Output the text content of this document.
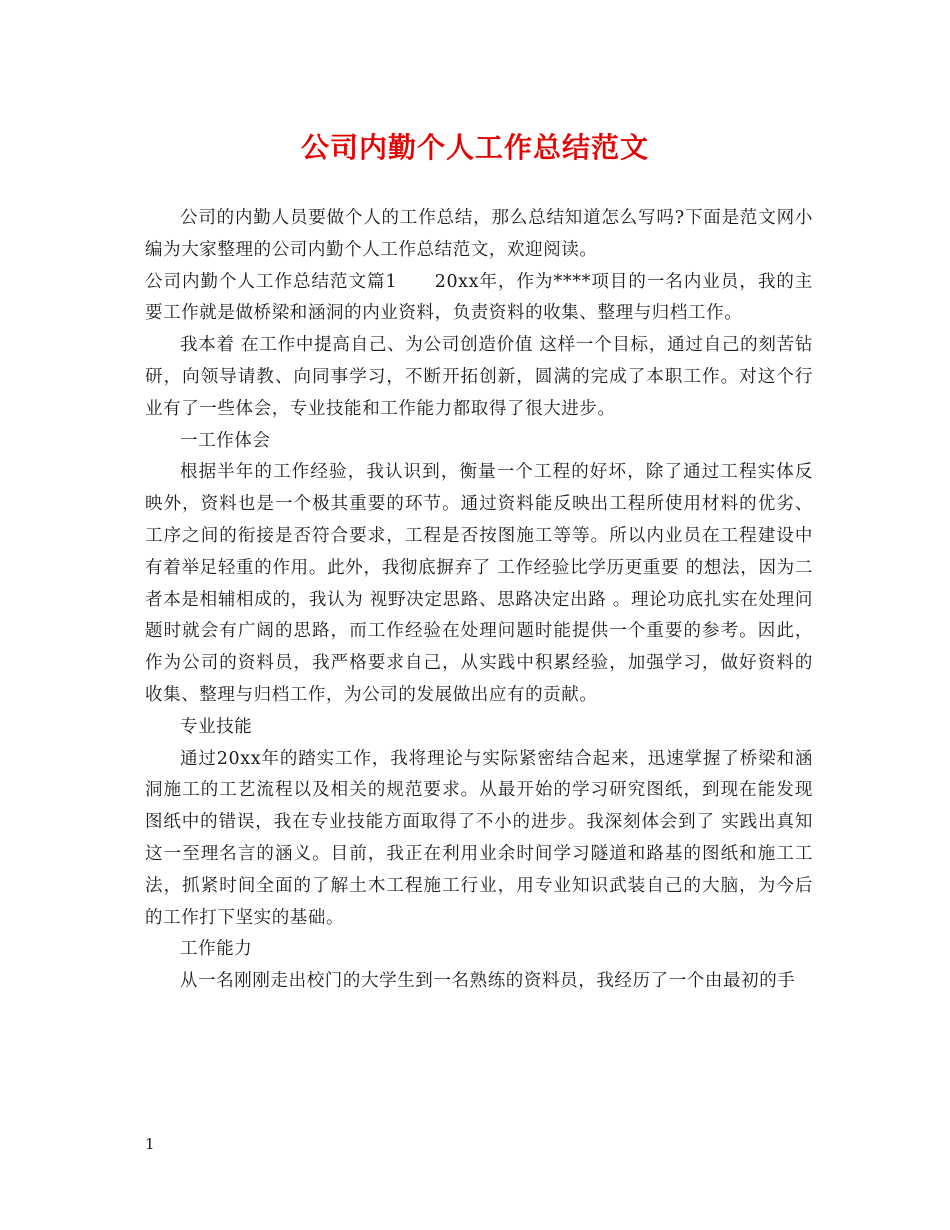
公司内勤个人工作总结范文

公司的内勤人员要做个人的工作总结，那么总结知道怎么写吗?下面是范文网小编为大家整理的公司内勤个人工作总结范文，欢迎阅读。

公司内勤个人工作总结范文篇1　　20xx年，作为****项目的一名内业员，我的主要工作就是做桥梁和涵洞的内业资料，负责资料的收集、整理与归档工作。

我本着 在工作中提高自己、为公司创造价值 这样一个目标，通过自己的刻苦钻研，向领导请教、向同事学习，不断开拓创新，圆满的完成了本职工作。对这个行业有了一些体会，专业技能和工作能力都取得了很大进步。

一工作体会

根据半年的工作经验，我认识到，衡量一个工程的好坏，除了通过工程实体反映外，资料也是一个极其重要的环节。通过资料能反映出工程所使用材料的优劣、工序之间的衔接是否符合要求，工程是否按图施工等等。所以内业员在工程建设中有着举足轻重的作用。此外，我彻底摒弃了 工作经验比学历更重要 的想法，因为二者本是相辅相成的，我认为 视野决定思路、思路决定出路 。理论功底扎实在处理问题时就会有广阔的思路，而工作经验在处理问题时能提供一个重要的参考。因此，作为公司的资料员，我严格要求自己，从实践中积累经验，加强学习，做好资料的收集、整理与归档工作，为公司的发展做出应有的贡献。

专业技能

通过20xx年的踏实工作，我将理论与实际紧密结合起来，迅速掌握了桥梁和涵洞施工的工艺流程以及相关的规范要求。从最开始的学习研究图纸，到现在能发现图纸中的错误，我在专业技能方面取得了不小的进步。我深刻体会到了 实践出真知 这一至理名言的涵义。目前，我正在利用业余时间学习隧道和路基的图纸和施工工法，抓紧时间全面的了解土木工程施工行业，用专业知识武装自己的大脑，为今后的工作打下坚实的基础。

工作能力

从一名刚刚走出校门的大学生到一名熟练的资料员，我经历了一个由最初的手

1
